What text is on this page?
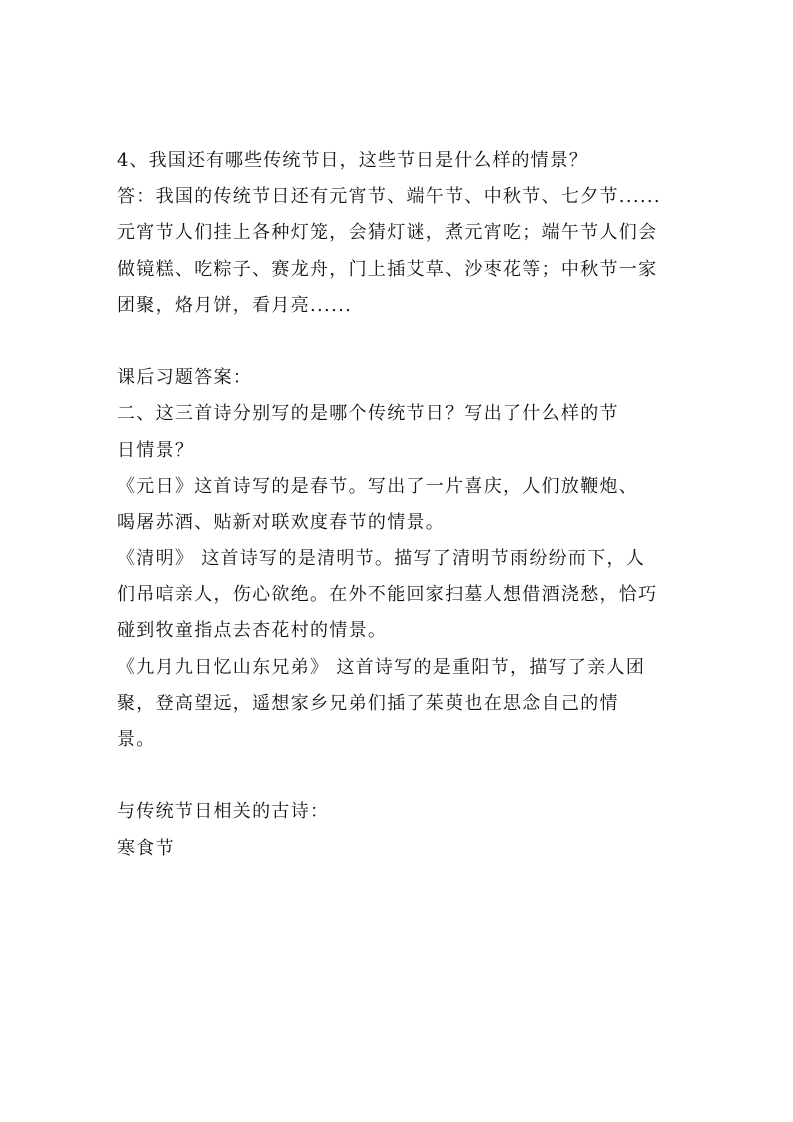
4、我国还有哪些传统节日，这些节日是什么样的情景？
答：我国的传统节日还有元宵节、端午节、中秋节、七夕节......
元宵节人们挂上各种灯笼，会猜灯谜，煮元宵吃；端午节人们会
做镜糕、吃粽子、赛龙舟，门上插艾草、沙枣花等；中秋节一家
团聚，烙月饼，看月亮......
课后习题答案：
二、这三首诗分别写的是哪个传统节日？写出了什么样的节
日情景？
《元日》这首诗写的是春节。写出了一片喜庆，人们放鞭炮、
喝屠苏酒、贴新对联欢度春节的情景。
《清明》 这首诗写的是清明节。描写了清明节雨纷纷而下，人
们吊唁亲人，伤心欲绝。在外不能回家扫墓人想借酒浇愁，恰巧
碰到牧童指点去杏花村的情景。
《九月九日忆山东兄弟》 这首诗写的是重阳节，描写了亲人团
聚，登高望远，遥想家乡兄弟们插了茱萸也在思念自己的情
景。
与传统节日相关的古诗：
寒食节
